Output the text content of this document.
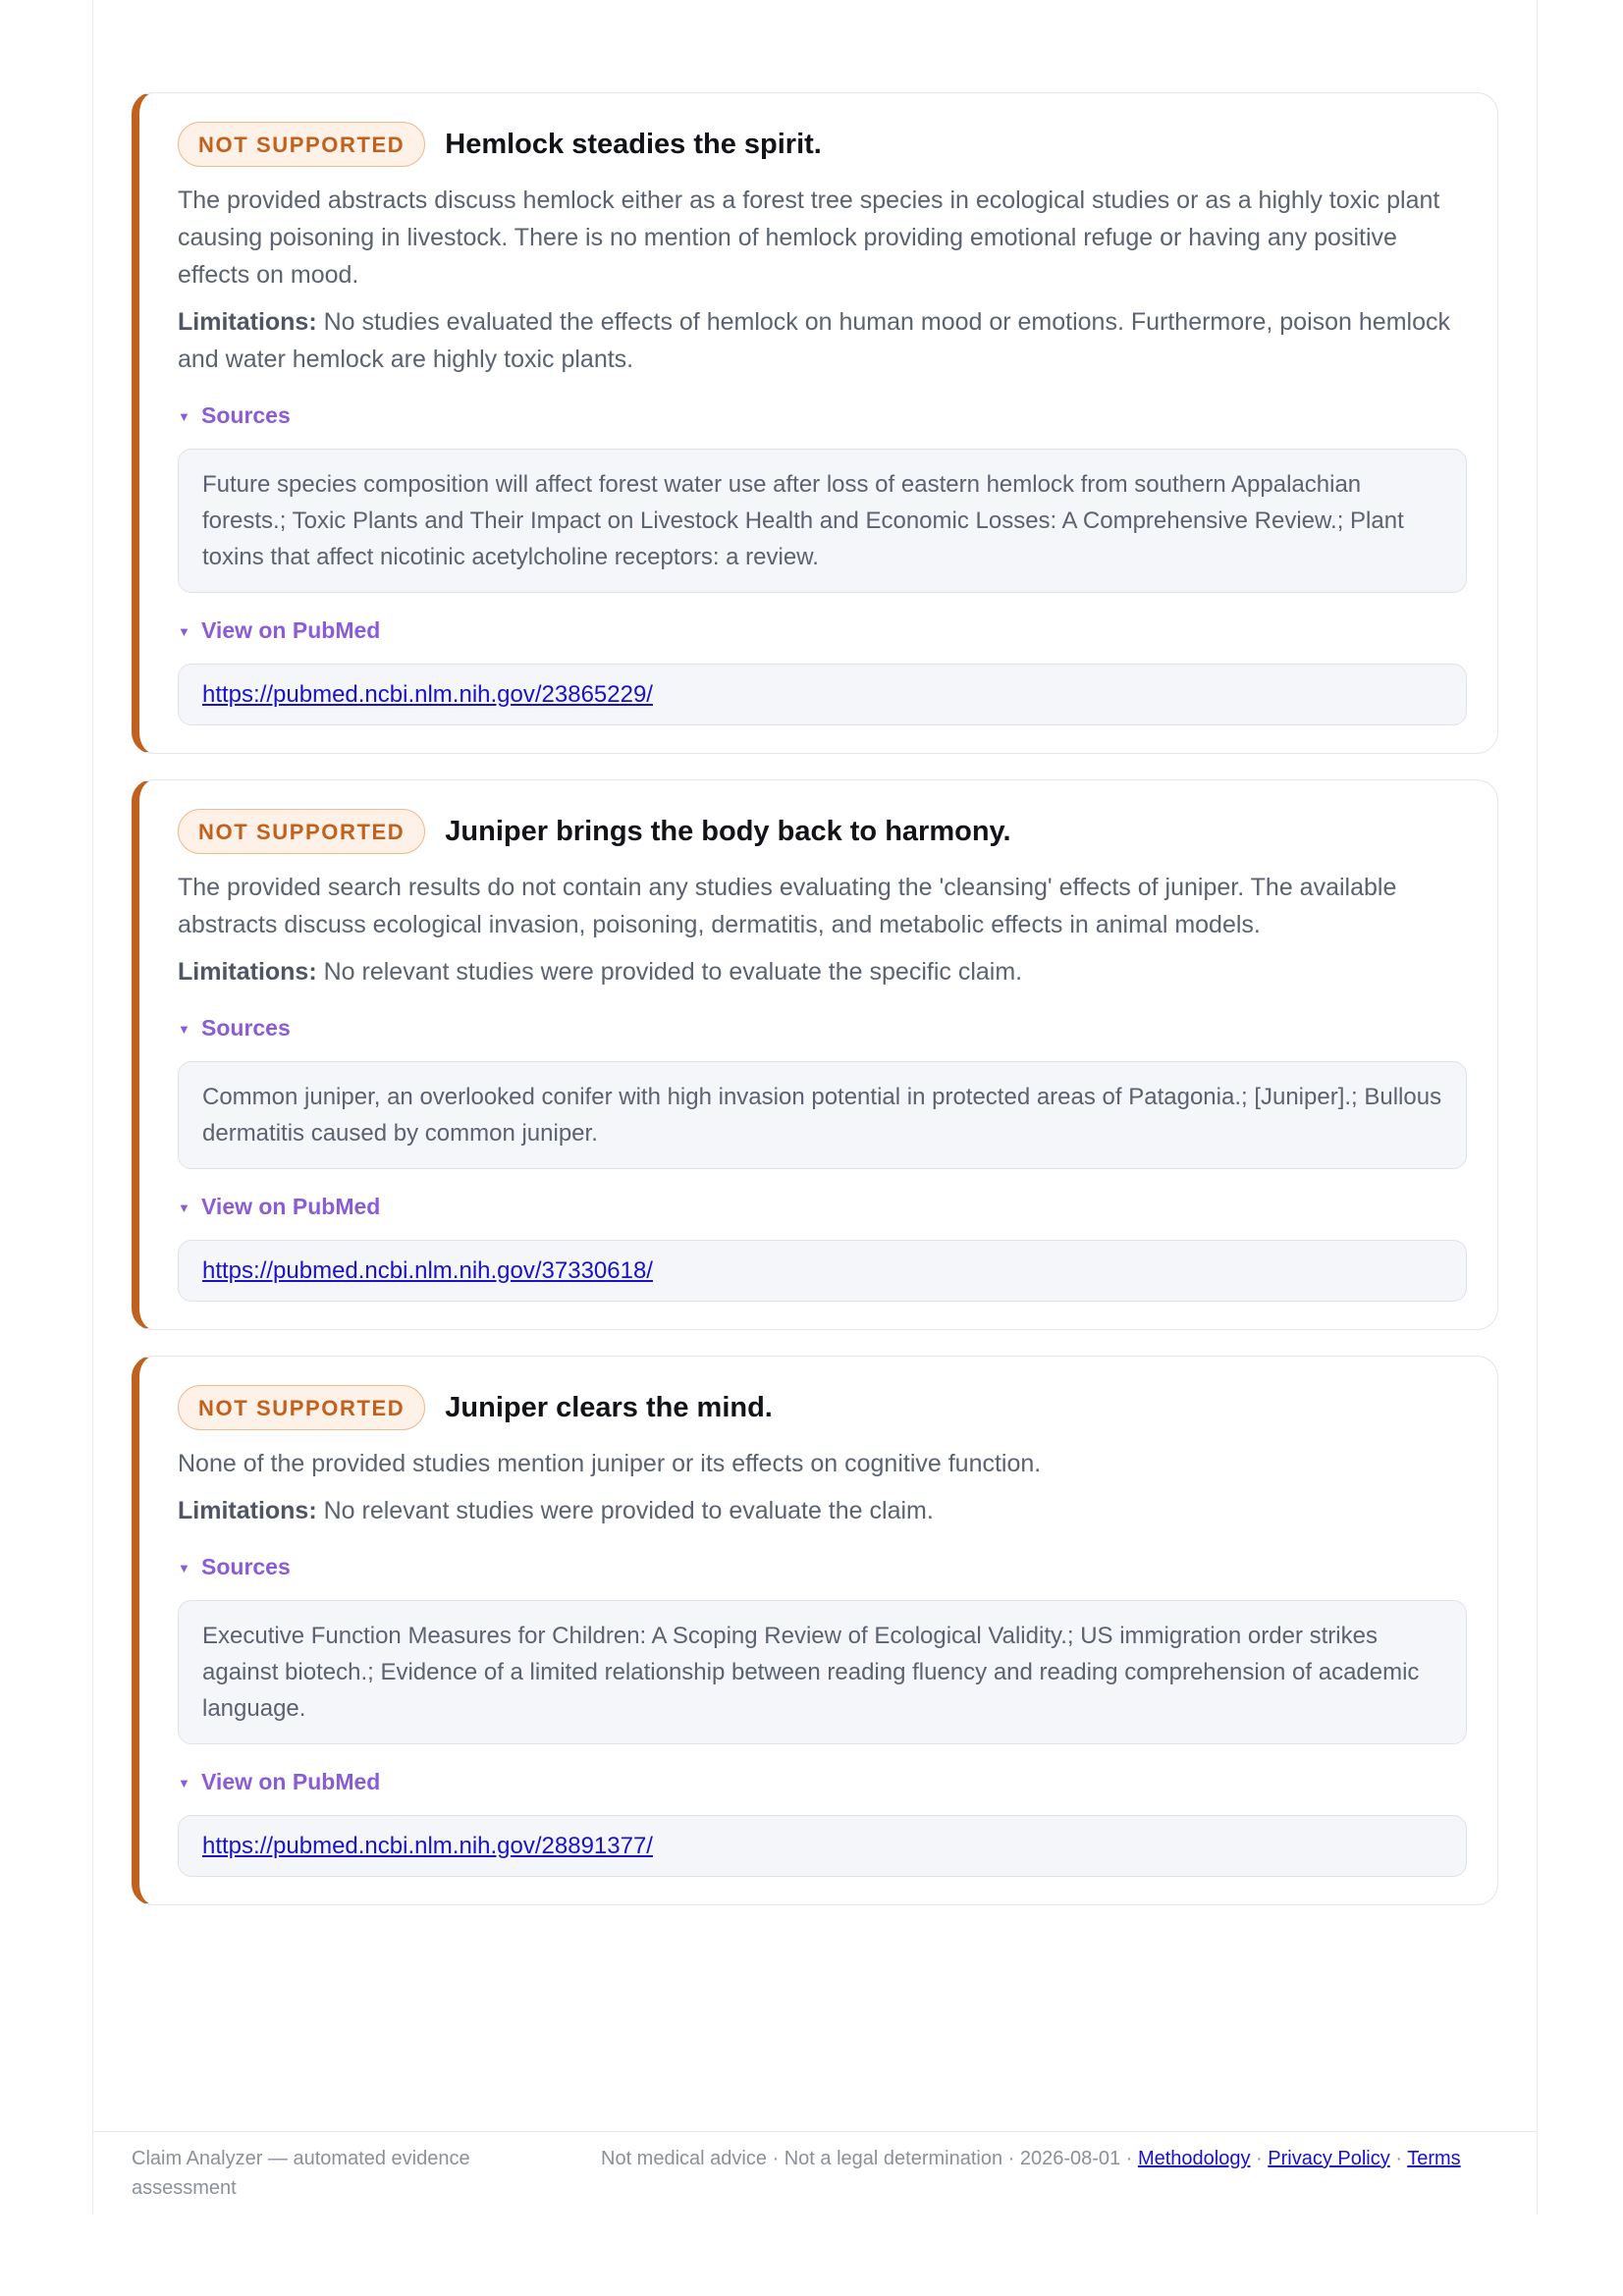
NOT SUPPORTED	Hemlock steadies the spirit.

The provided abstracts discuss hemlock either as a forest tree species in ecological studies or as a highly toxic plant causing poisoning in livestock. There is no mention of hemlock providing emotional refuge or having any positive effects on mood.

Limitations: No studies evaluated the effects of hemlock on human mood or emotions. Furthermore, poison hemlock and water hemlock are highly toxic plants.

▼ Sources
Future species composition will affect forest water use after loss of eastern hemlock from southern Appalachian forests.; Toxic Plants and Their Impact on Livestock Health and Economic Losses: A Comprehensive Review.; Plant toxins that affect nicotinic acetylcholine receptors: a review.
▼ View on PubMed
https://pubmed.ncbi.nlm.nih.gov/23865229/
NOT SUPPORTED	Juniper brings the body back to harmony.

The provided search results do not contain any studies evaluating the 'cleansing' effects of juniper. The available abstracts discuss ecological invasion, poisoning, dermatitis, and metabolic effects in animal models.

Limitations: No relevant studies were provided to evaluate the specific claim.

▼ Sources
Common juniper, an overlooked conifer with high invasion potential in protected areas of Patagonia.; [Juniper].; Bullous dermatitis caused by common juniper.
▼ View on PubMed
https://pubmed.ncbi.nlm.nih.gov/37330618/
NOT SUPPORTED	Juniper clears the mind.

None of the provided studies mention juniper or its effects on cognitive function.

Limitations: No relevant studies were provided to evaluate the claim.

▼ Sources
Executive Function Measures for Children: A Scoping Review of Ecological Validity.; US immigration order strikes against biotech.; Evidence of a limited relationship between reading fluency and reading comprehension of academic language.
▼ View on PubMed
https://pubmed.ncbi.nlm.nih.gov/28891377/
Claim Analyzer — automated evidence assessment
Not medical advice · Not a legal determination · 2026-08-01 · Methodology · Privacy Policy · Terms
